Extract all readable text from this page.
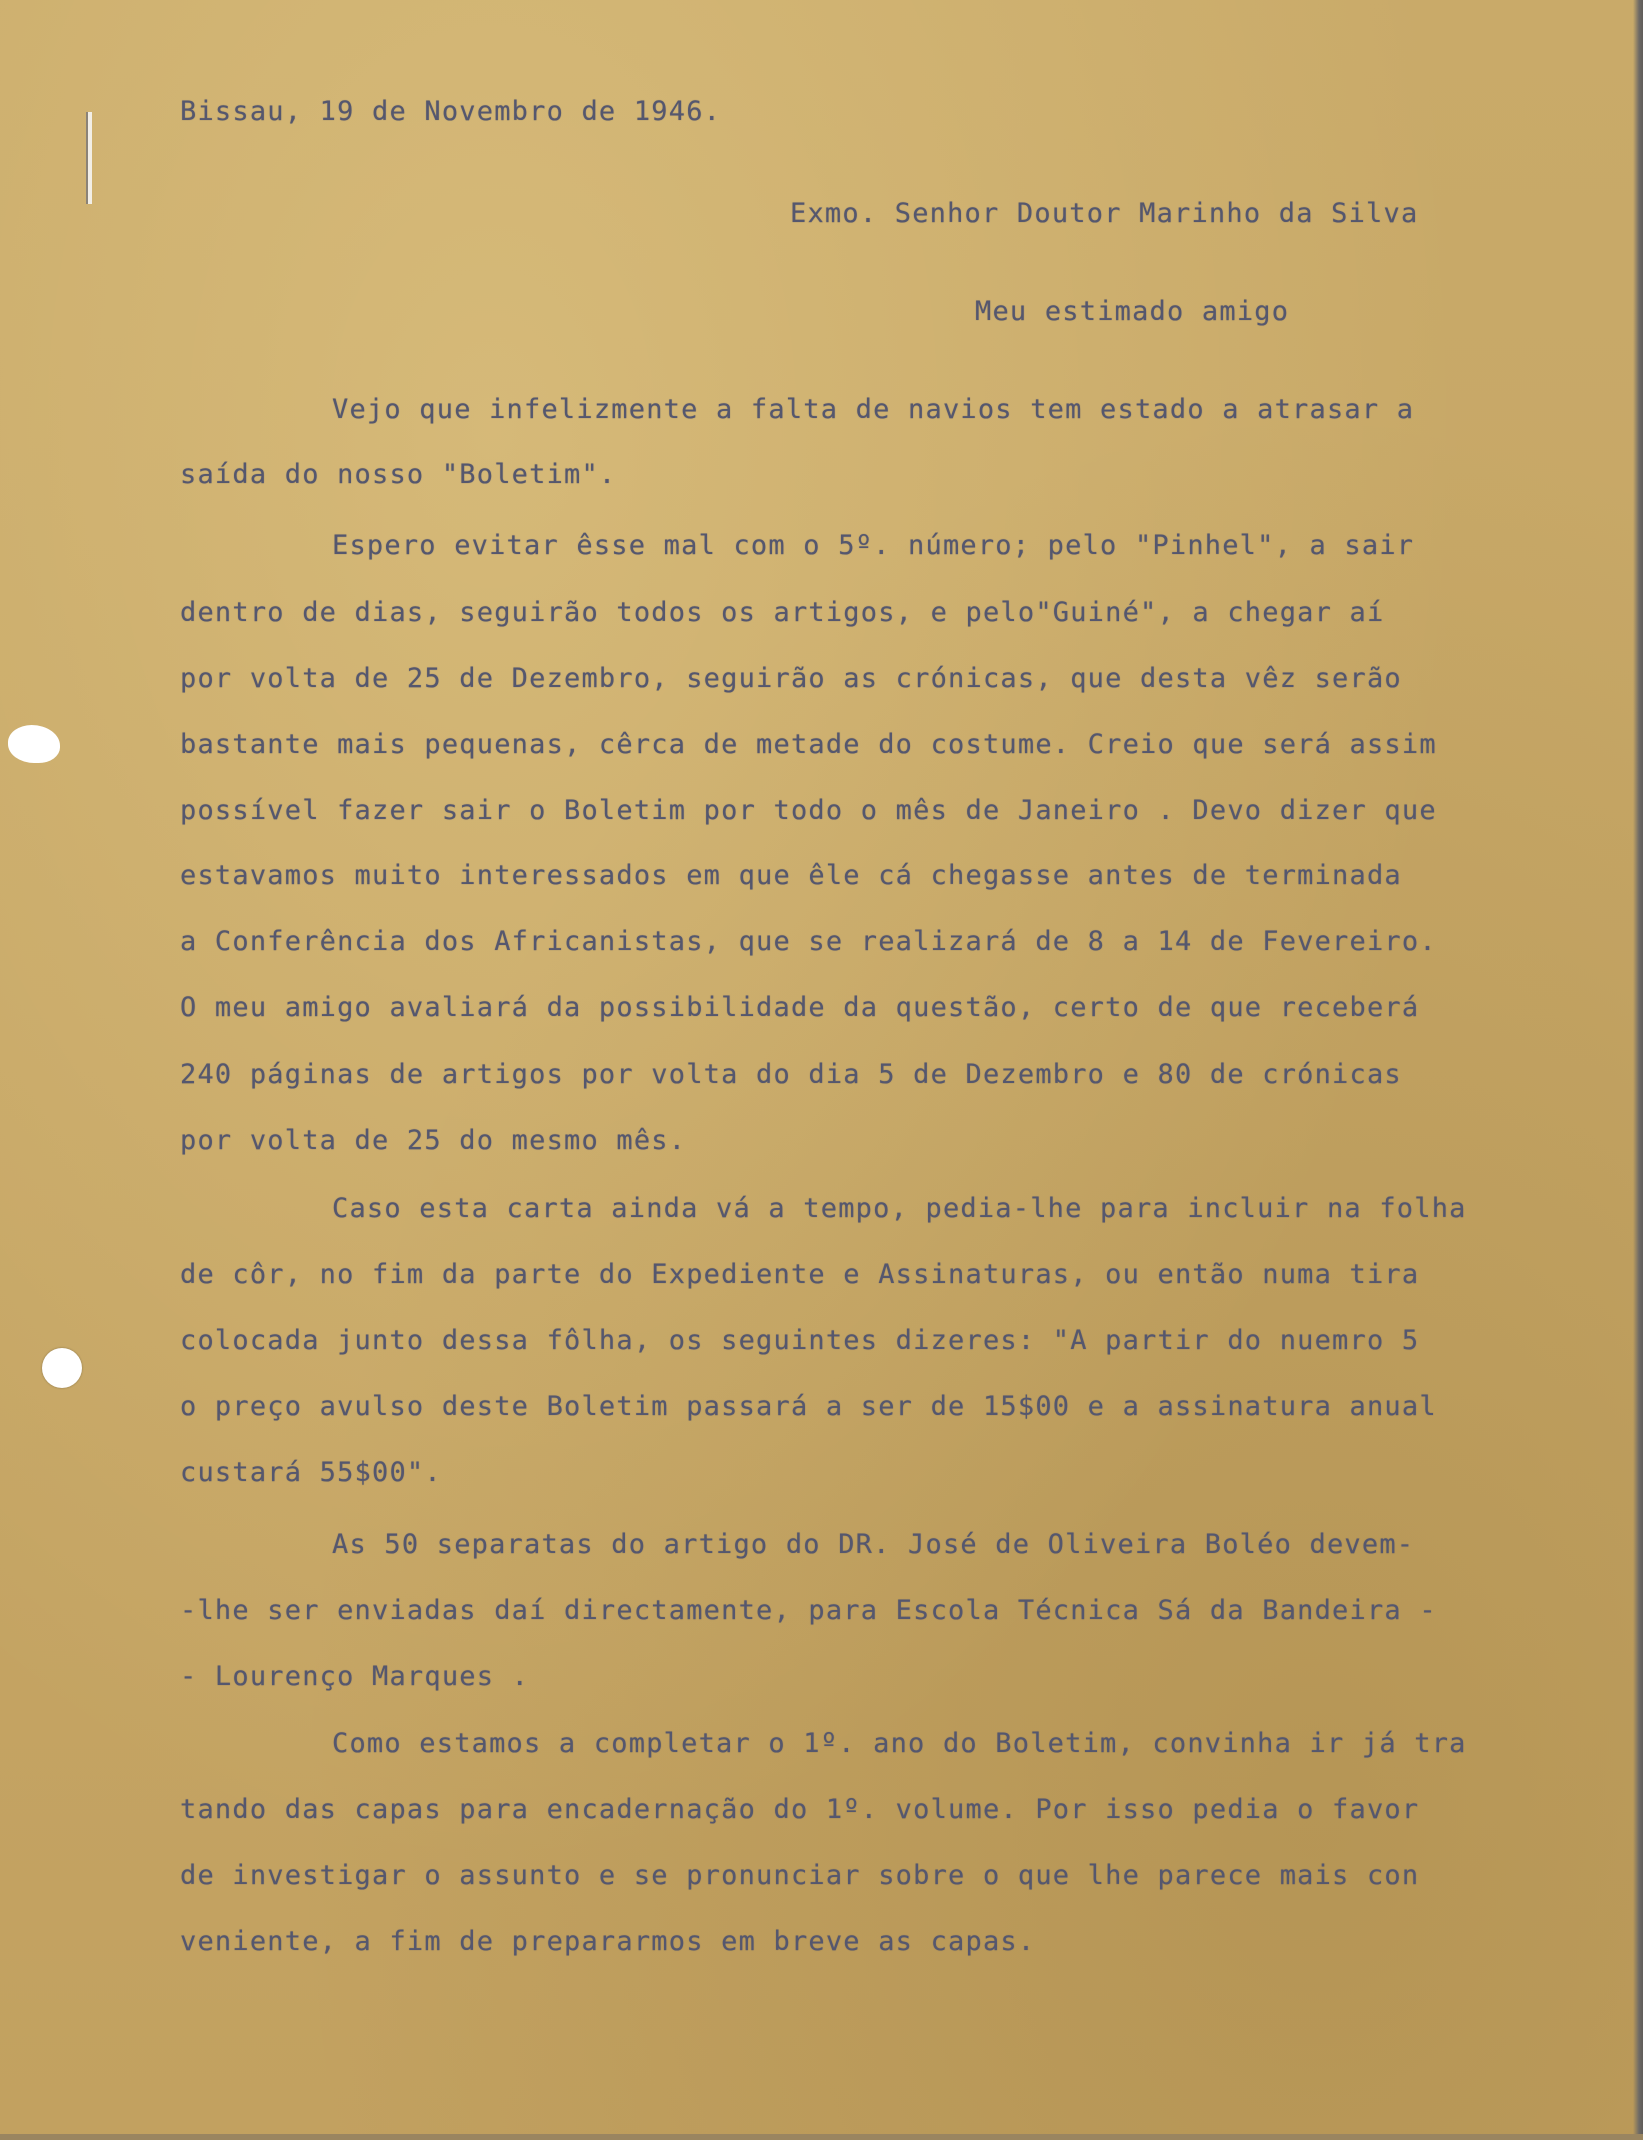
Bissau, 19 de Novembro de 1946.
Exmo. Senhor Doutor Marinho da Silva
Meu estimado amigo
Vejo que infelizmente a falta de navios tem estado a atrasar a
saída do nosso "Boletim".
Espero evitar êsse mal com o 5º. número; pelo "Pinhel", a sair
dentro de dias, seguirão todos os artigos, e pelo"Guiné", a chegar aí
por volta de 25 de Dezembro, seguirão as crónicas, que desta vêz serão
bastante mais pequenas, cêrca de metade do costume. Creio que será assim
possível fazer sair o Boletim por todo o mês de Janeiro . Devo dizer que
estavamos muito interessados em que êle cá chegasse antes de terminada
a Conferência dos Africanistas, que se realizará de 8 a 14 de Fevereiro.
O meu amigo avaliará da possibilidade da questão, certo de que receberá
240 páginas de artigos por volta do dia 5 de Dezembro e 80 de crónicas
por volta de 25 do mesmo mês.
Caso esta carta ainda vá a tempo, pedia-lhe para incluir na folha
de côr, no fim da parte do Expediente e Assinaturas, ou então numa tira
colocada junto dessa fôlha, os seguintes dizeres: "A partir do nuemro 5
o preço avulso deste Boletim passará a ser de 15$00 e a assinatura anual
custará 55$00".
As 50 separatas do artigo do DR. José de Oliveira Boléo devem-
-lhe ser enviadas daí directamente, para Escola Técnica Sá da Bandeira -
- Lourenço Marques .
Como estamos a completar o 1º. ano do Boletim, convinha ir já tra
tando das capas para encadernação do 1º. volume. Por isso pedia o favor
de investigar o assunto e se pronunciar sobre o que lhe parece mais con
veniente, a fim de prepararmos em breve as capas.
